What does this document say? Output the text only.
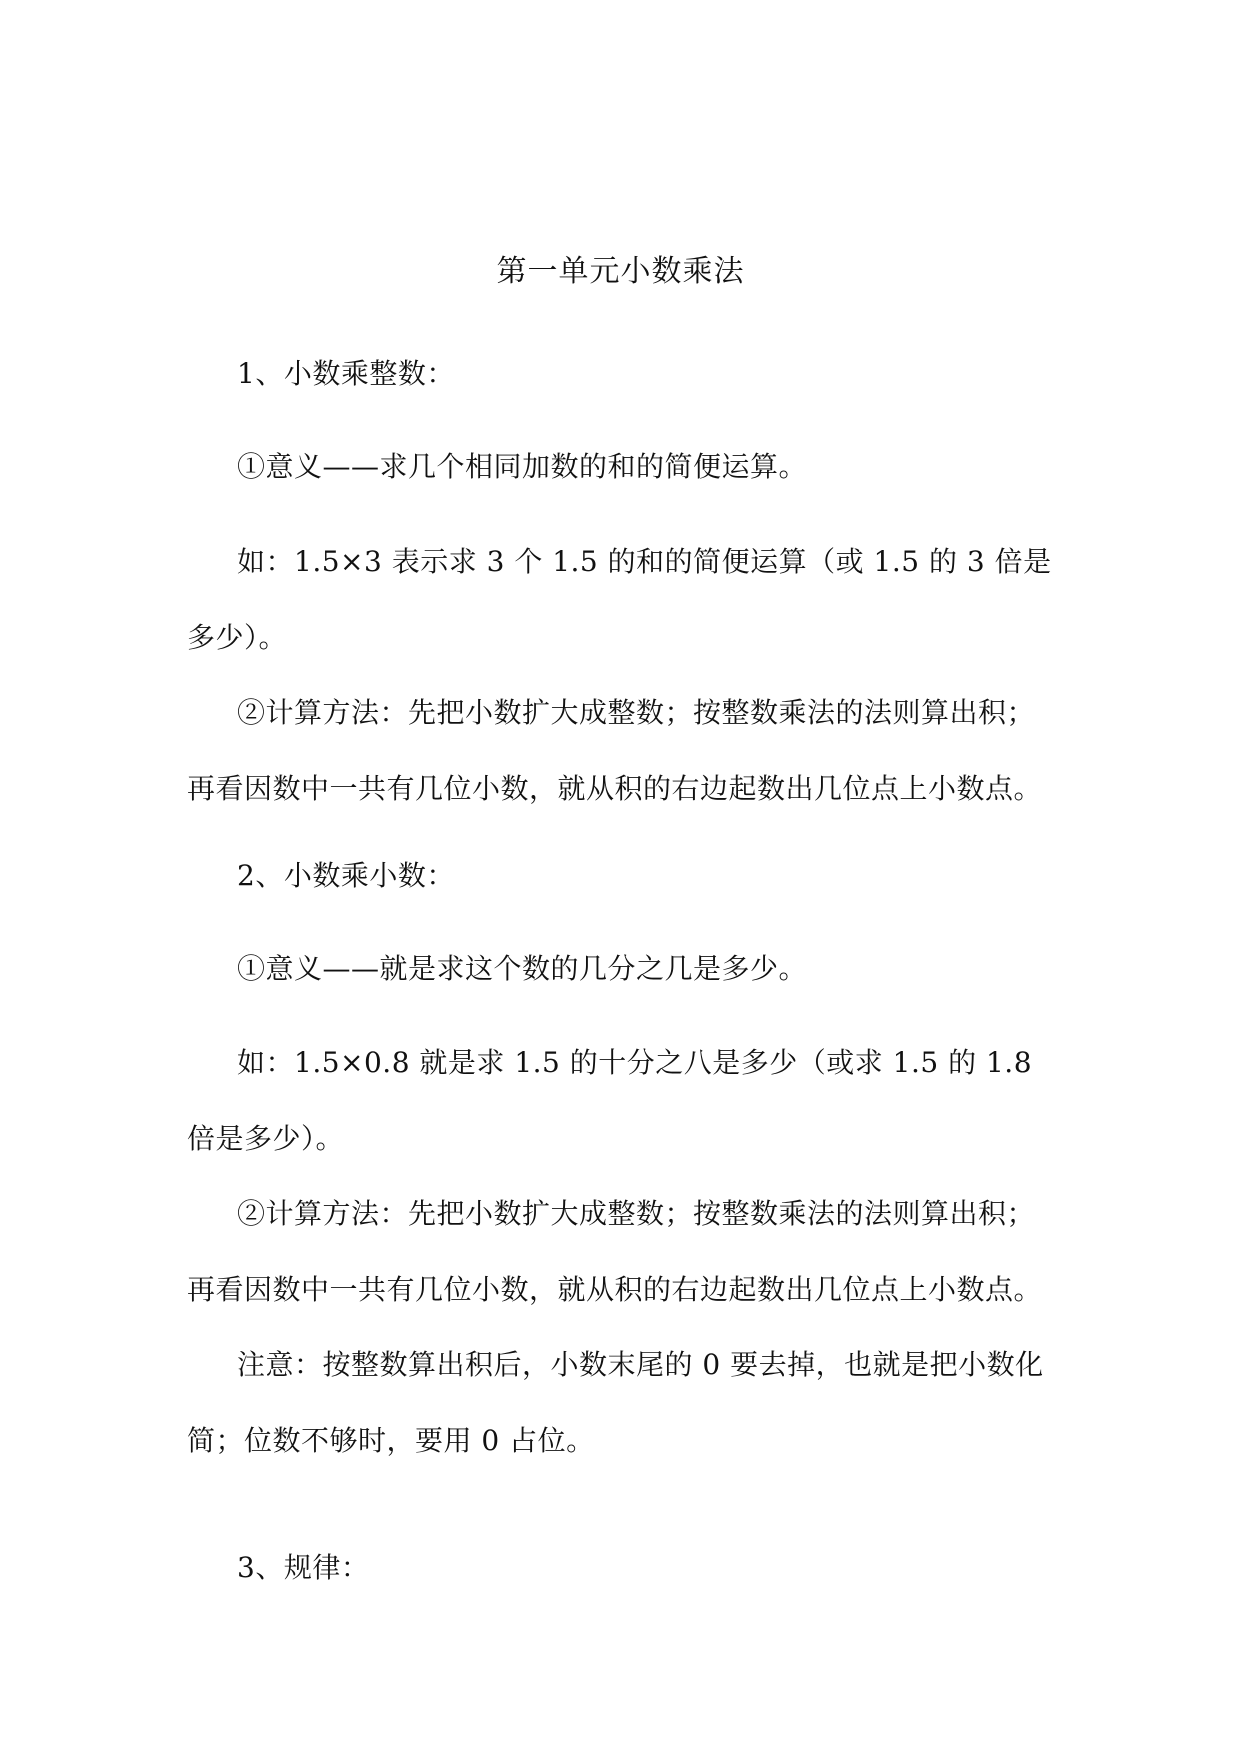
第一单元小数乘法
1、小数乘整数：
①意义——求几个相同加数的和的简便运算。
如：1.5×3 表示求 3 个 1.5 的和的简便运算（或 1.5 的 3 倍是多少）。
②计算方法：先把小数扩大成整数；按整数乘法的法则算出积；再看因数中一共有几位小数，就从积的右边起数出几位点上小数点。
2、小数乘小数：
①意义——就是求这个数的几分之几是多少。
如：1.5×0.8 就是求 1.5 的十分之八是多少（或求 1.5 的 1.8 倍是多少）。
②计算方法：先把小数扩大成整数；按整数乘法的法则算出积；再看因数中一共有几位小数，就从积的右边起数出几位点上小数点。
注意：按整数算出积后，小数末尾的 0 要去掉，也就是把小数化简；位数不够时，要用 0 占位。
3、规律：
